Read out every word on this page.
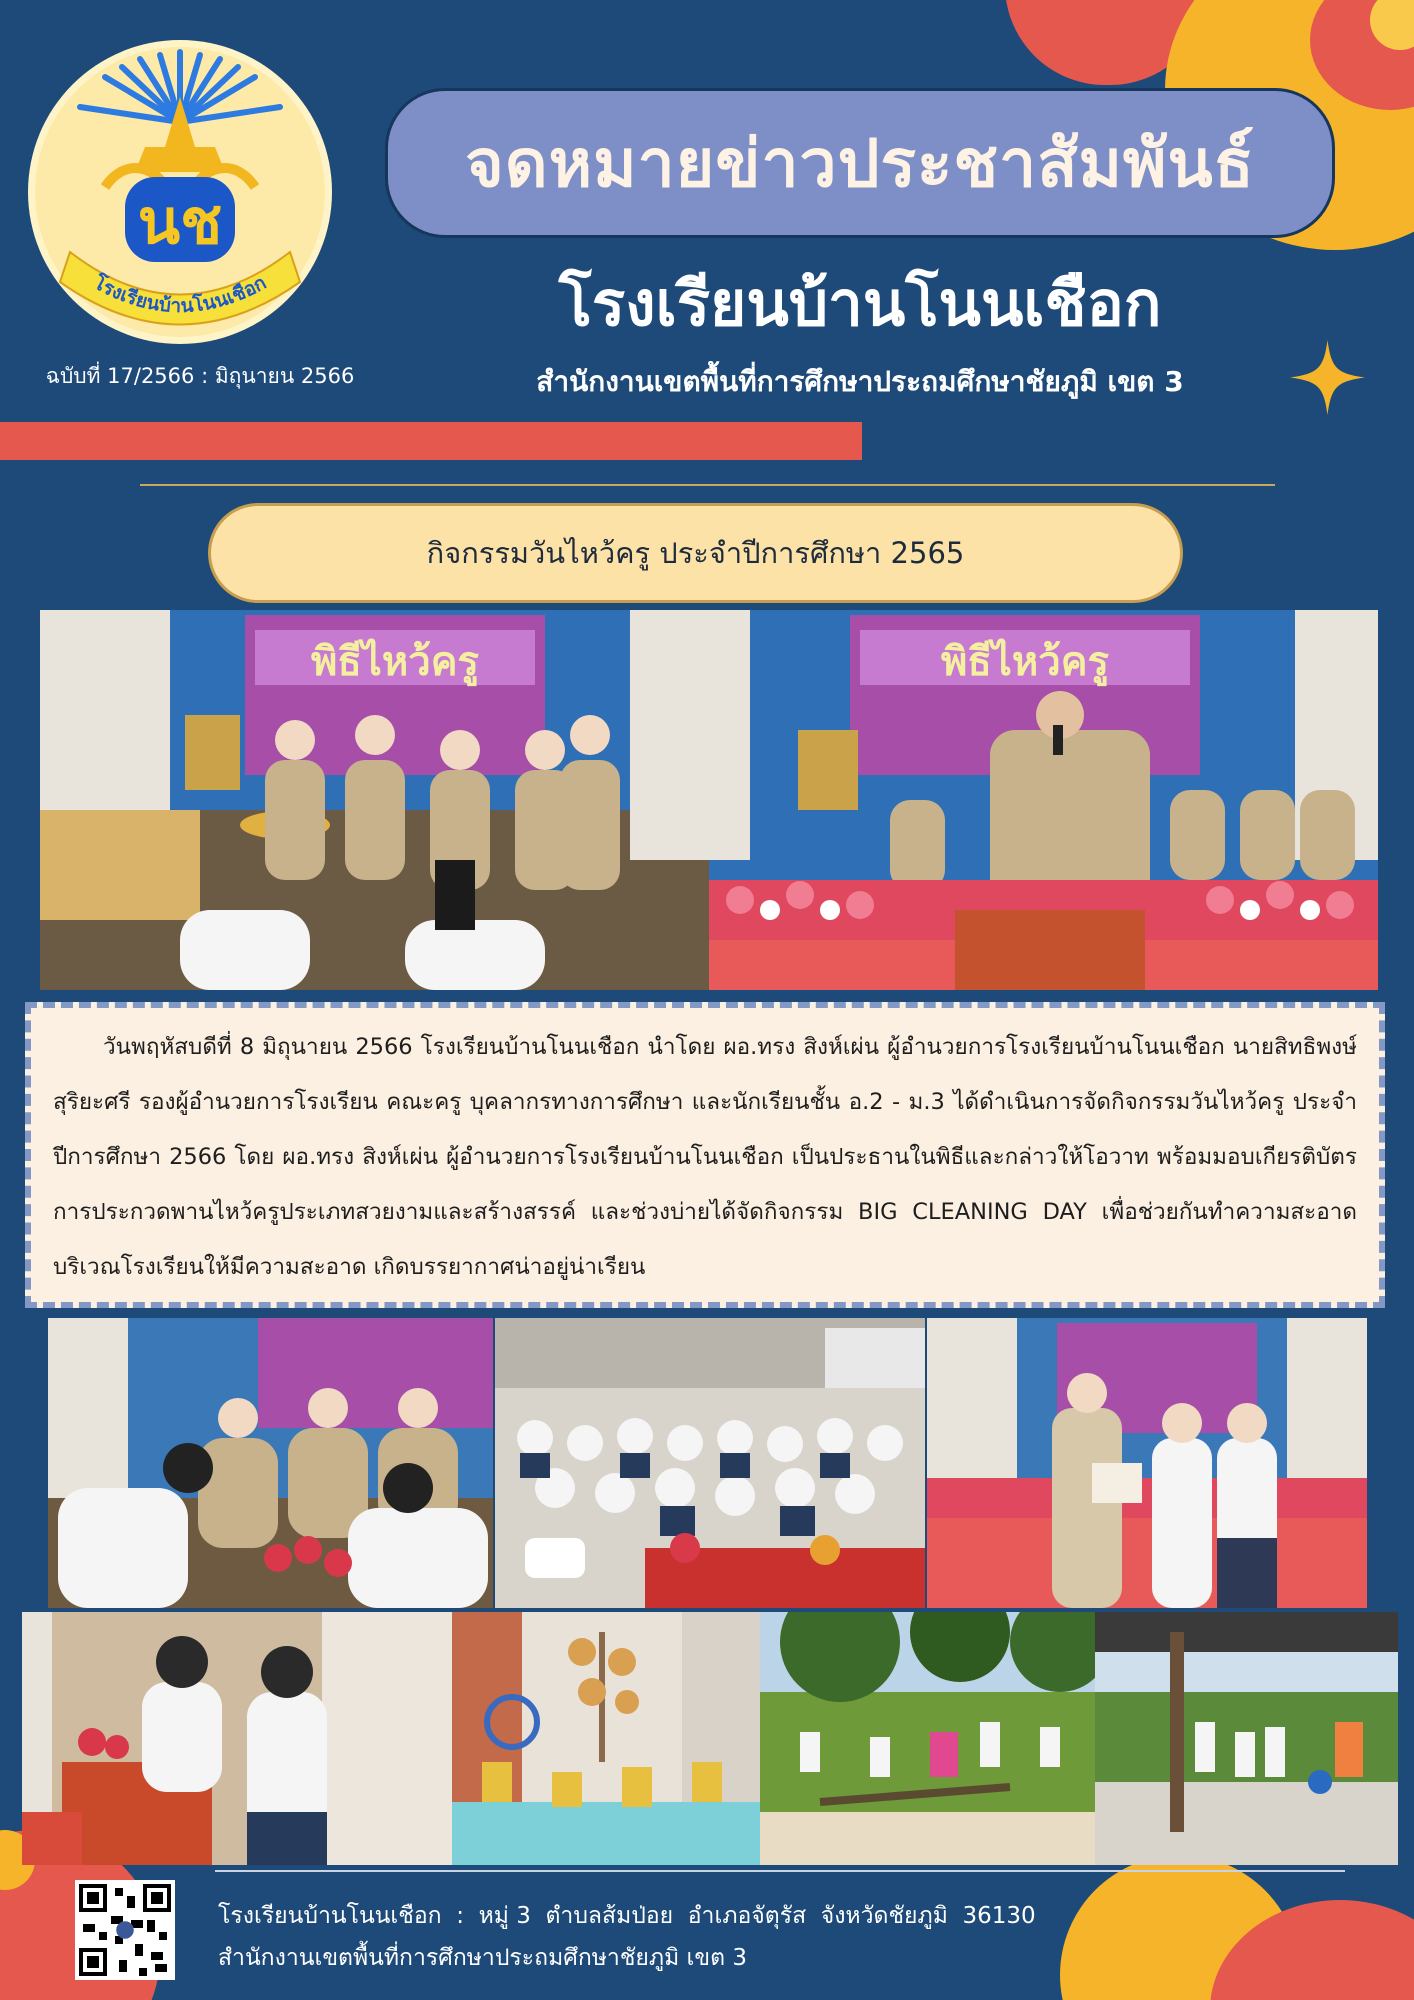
นช
โรงเรียนบ้านโนนเชือก
จดหมายข่าวประชาสัมพันธ์
โรงเรียนบ้านโนนเชือก
สำนักงานเขตพื้นที่การศึกษาประถมศึกษาชัยภูมิ เขต 3
ฉบับที่ 17/2566 : มิถุนายน 2566
กิจกรรมวันไหว้ครู ประจำปีการศึกษา 2565
พิธีไหว้ครู	พิธีไหว้ครู

วันพฤหัสบดีที่ 8 มิถุนายน 2566 โรงเรียนบ้านโนนเชือก นำโดย ผอ.ทรง สิงห์เผ่น ผู้อำนวยการโรงเรียนบ้านโนนเชือก นายสิทธิพงษ์ สุริยะศรี รองผู้อำนวยการโรงเรียน คณะครู บุคลากรทางการศึกษา และนักเรียนชั้น อ.2 - ม.3 ได้ดำเนินการจัดกิจกรรมวันไหว้ครู ประจำปีการศึกษา 2566 โดย ผอ.ทรง สิงห์เผ่น ผู้อำนวยการโรงเรียนบ้านโนนเชือก เป็นประธานในพิธีและกล่าวให้โอวาท พร้อมมอบเกียรติบัตรการประกวดพานไหว้ครูประเภทสวยงามและสร้างสรรค์ และช่วงบ่ายได้จัดกิจกรรม BIG CLEANING DAY เพื่อช่วยกันทำความสะอาดบริเวณโรงเรียนให้มีความสะอาด เกิดบรรยากาศน่าอยู่น่าเรียน

โรงเรียนบ้านโนนเชือก  :  หมู่ 3  ตำบลส้มป่อย  อำเภอจัตุรัส  จังหวัดชัยภูมิ  36130
สำนักงานเขตพื้นที่การศึกษาประถมศึกษาชัยภูมิ เขต 3
